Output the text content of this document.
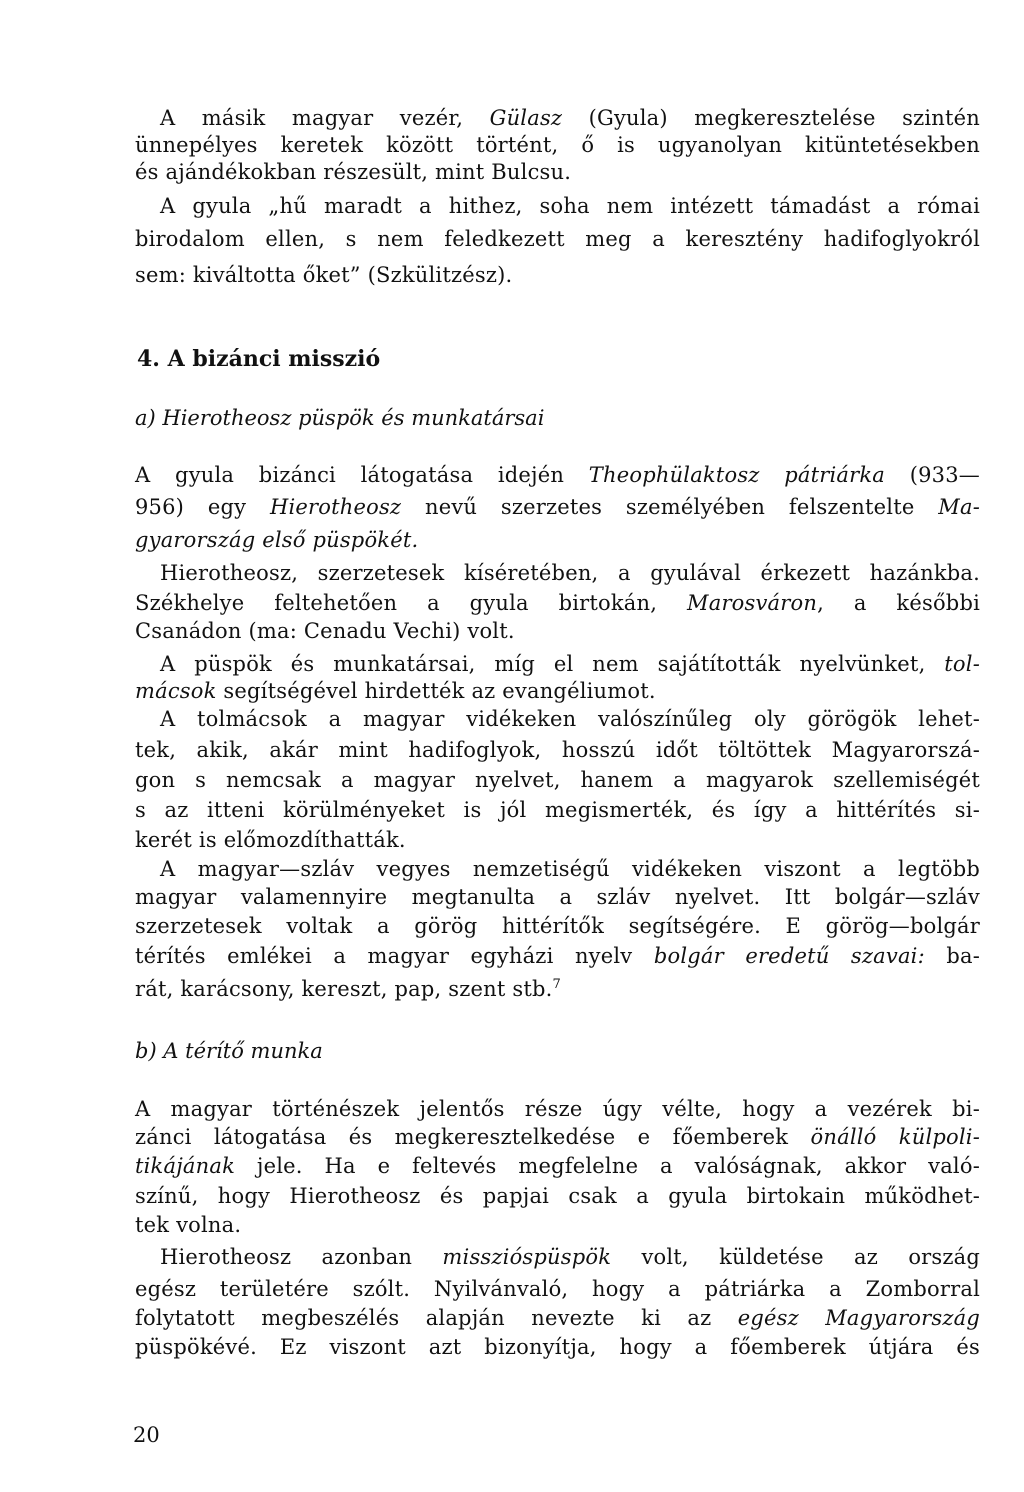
A másik magyar vezér, Gülasz (Gyula) megkeresztelése szintén
ünnepélyes keretek között történt, ő is ugyanolyan kitüntetésekben
és ajándékokban részesült, mint Bulcsu.
A gyula „hű maradt a hithez, soha nem intézett támadást a római
birodalom ellen, s nem feledkezett meg a keresztény hadifoglyokról
sem: kiváltotta őket” (Szkülitzész).
4. A bizánci misszió
a) Hierotheosz püspök és munkatársai
A gyula bizánci látogatása idején Theophülaktosz pátriárka (933—
956) egy Hierotheosz nevű szerzetes személyében felszentelte Ma-
gyarország első püspökét.
Hierotheosz, szerzetesek kíséretében, a gyulával érkezett hazánkba.
Székhelye feltehetően a gyula birtokán, Marosváron, a későbbi
Csanádon (ma: Cenadu Vechi) volt.
A püspök és munkatársai, míg el nem sajátították nyelvünket, tol-
mácsok segítségével hirdették az evangéliumot.
A tolmácsok a magyar vidékeken valószínűleg oly görögök lehet-
tek, akik, akár mint hadifoglyok, hosszú időt töltöttek Magyarorszá-
gon s nemcsak a magyar nyelvet, hanem a magyarok szellemiségét
s az itteni körülményeket is jól megismerték, és így a hittérítés si-
kerét is előmozdíthatták.
A magyar—szláv vegyes nemzetiségű vidékeken viszont a legtöbb
magyar valamennyire megtanulta a szláv nyelvet. Itt bolgár—szláv
szerzetesek voltak a görög hittérítők segítségére. E görög—bolgár
térítés emlékei a magyar egyházi nyelv bolgár eredetű szavai: ba-
rát, karácsony, kereszt, pap, szent stb.$^7$
b) A térítő munka
A magyar történészek jelentős része úgy vélte, hogy a vezérek bi-
zánci látogatása és megkeresztelkedése e főemberek önálló külpoli-
tikájának jele. Ha e feltevés megfelelne a valóságnak, akkor való-
színű, hogy Hierotheosz és papjai csak a gyula birtokain működhet-
tek volna.
Hierotheosz azonban misszióspüspök volt, küldetése az ország
egész területére szólt. Nyilvánvaló, hogy a pátriárka a Zomborral
folytatott megbeszélés alapján nevezte ki az egész Magyarország
püspökévé. Ez viszont azt bizonyítja, hogy a főemberek útjára és
20
